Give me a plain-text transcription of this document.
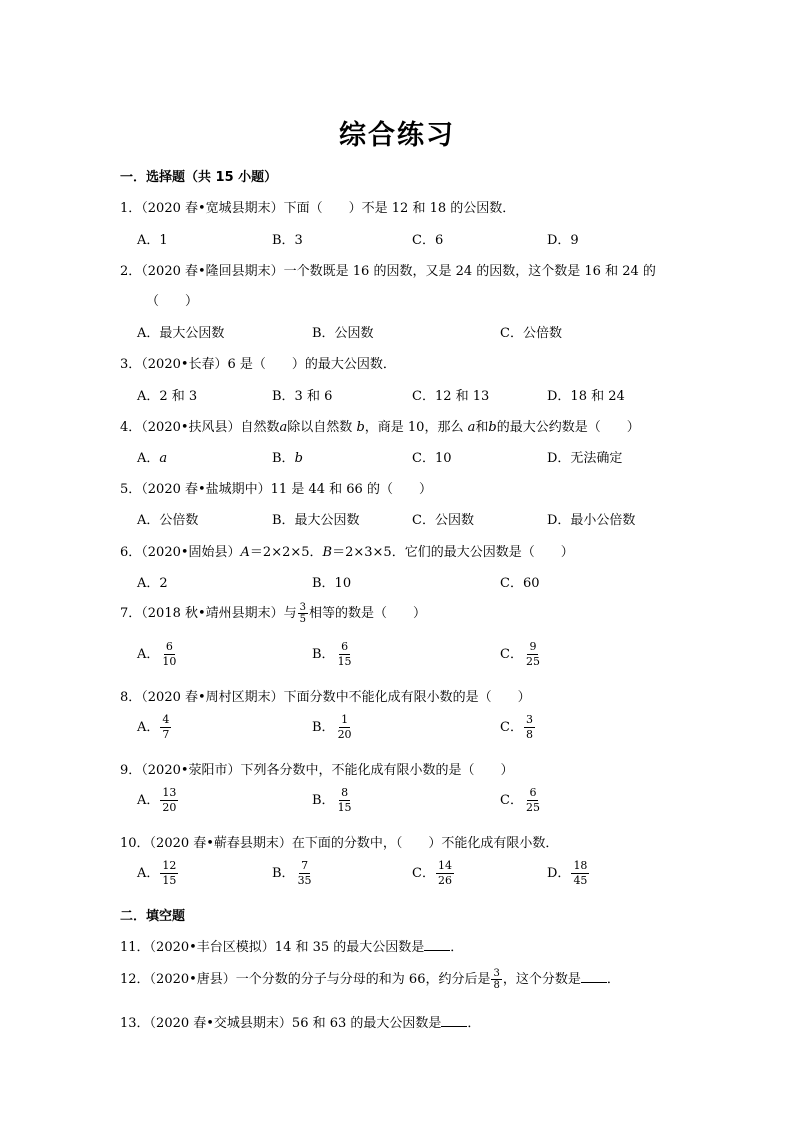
综合练习
一．选择题（共 15 小题）
1．（2020 春•宽城县期末）下面（　　）不是 12 和 18 的公因数．
A．1	B．3	C．6	D．9
2．（2020 春•隆回县期末）一个数既是 16 的因数，又是 24 的因数，这个数是 16 和 24 的
（　　）
A．最大公因数	B．公因数	C．公倍数
3．（2020•长春）6 是（　　）的最大公因数．
A．2 和 3	B．3 和 6	C．12 和 13	D．18 和 24
4．（2020•扶风县）自然数a除以自然数 b，商是 10，那么 a和b的最大公约数是（　　）
A．a	B．b	C．10	D．无法确定
5．（2020 春•盐城期中）11 是 44 和 66 的（　　）
A．公倍数	B．最大公因数	C．公因数	D．最小公倍数
6．（2020•固始县）A＝2×2×5．B＝2×3×5．它们的最大公因数是（　　）
A．2	B．10	C．60
7．（2018 秋•靖州县期末）与 $\frac{3}{5}$ 相等的数是（　　）
A． $\frac{6}{10}$	B． $\frac{6}{15}$	C． $\frac{9}{25}$
8．（2020 春•周村区期末）下面分数中不能化成有限小数的是（　　）
A． $\frac{4}{7}$	B． $\frac{1}{20}$	C． $\frac{3}{8}$
9．（2020•荥阳市）下列各分数中，不能化成有限小数的是（　　）
A． $\frac{13}{20}$	B． $\frac{8}{15}$	C． $\frac{6}{25}$
10．（2020 春•蕲春县期末）在下面的分数中，（　　）不能化成有限小数．
A． $\frac{12}{15}$	B． $\frac{7}{35}$	C． $\frac{14}{26}$	D． $\frac{18}{45}$
二．填空题
11．（2020•丰台区模拟）14 和 35 的最大公因数是 ．
12．（2020•唐县）一个分数的分子与分母的和为 66，约分后是 $\frac{3}{8}$ ，这个分数是 ．
13．（2020 春•交城县期末）56 和 63 的最大公因数是 ．
